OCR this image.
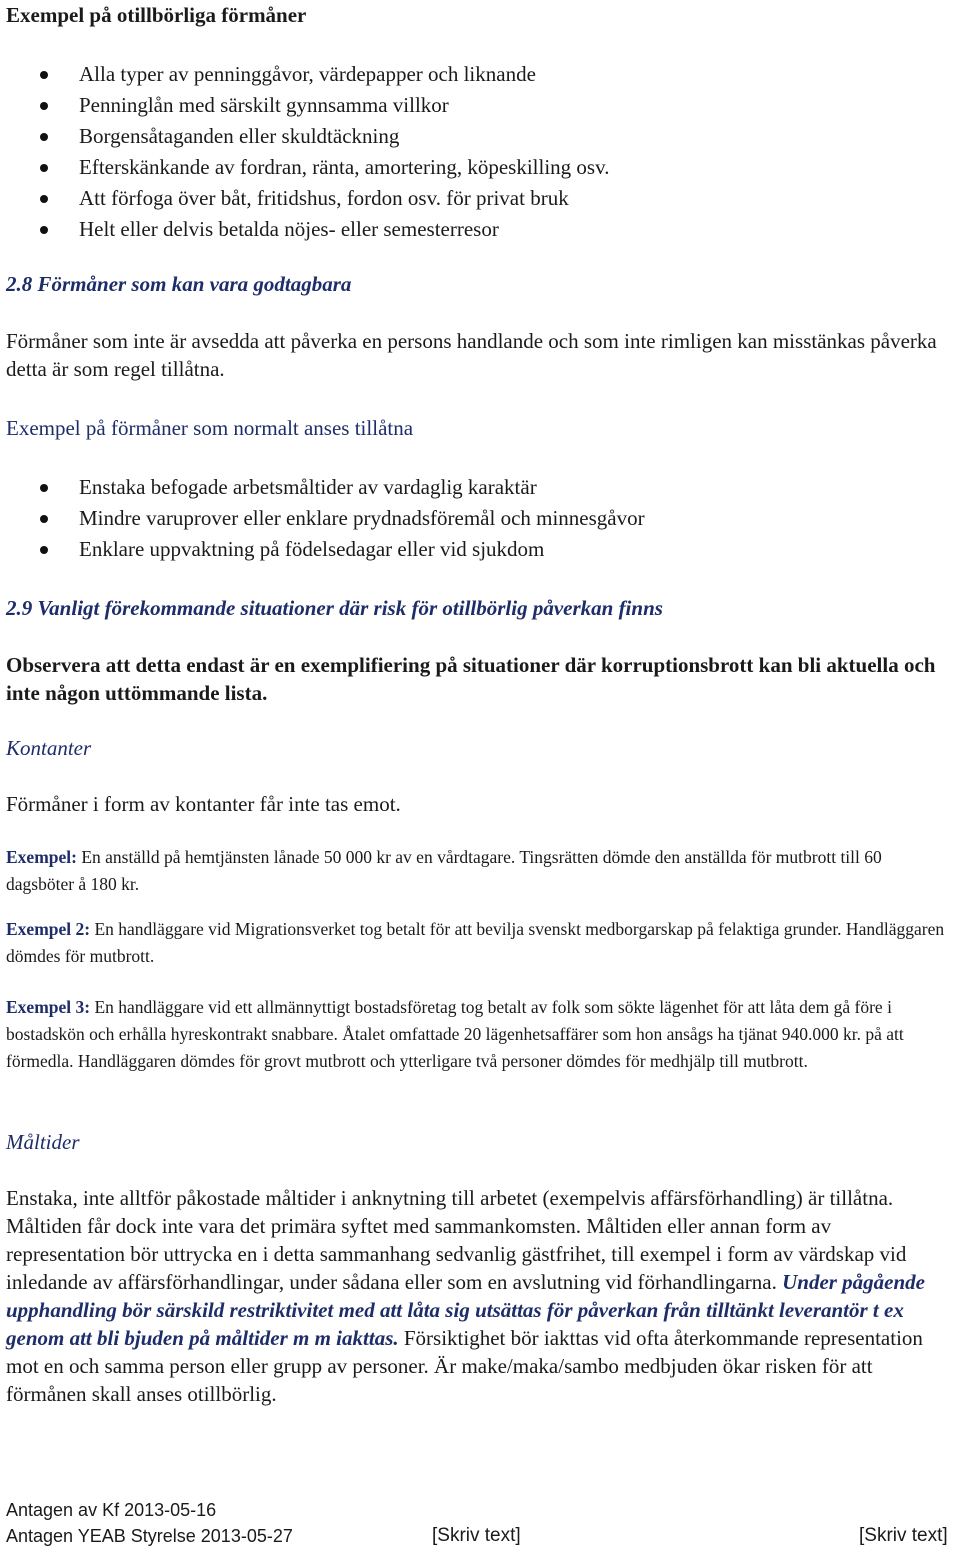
Exempel på otillbörliga förmåner
Alla typer av penninggåvor, värdepapper och liknande
Penninglån med särskilt gynnsamma villkor
Borgensåtaganden eller skuldtäckning
Efterskänkande av fordran, ränta, amortering, köpeskilling osv.
Att förfoga över båt, fritidshus, fordon osv. för privat bruk
Helt eller delvis betalda nöjes- eller semesterresor
2.8 Förmåner som kan vara godtagbara

Förmåner som inte är avsedda att påverka en persons handlande och som inte rimligen kan misstänkas påverka detta är som regel tillåtna.

Exempel på förmåner som normalt anses tillåtna
Enstaka befogade arbetsmåltider av vardaglig karaktär
Mindre varuprover eller enklare prydnadsföremål och minnesgåvor
Enklare uppvaktning på födelsedagar eller vid sjukdom
2.9 Vanligt förekommande situationer där risk för otillbörlig påverkan finns

Observera att detta endast är en exemplifiering på situationer där korruptionsbrott kan bli aktuella och inte någon uttömmande lista.

Kontanter

Förmåner i form av kontanter får inte tas emot.

Exempel: En anställd på hemtjänsten lånade 50 000 kr av en vårdtagare. Tingsrätten dömde den anställda för mutbrott till 60 dagsböter å 180 kr.

Exempel 2: En handläggare vid Migrationsverket tog betalt för att bevilja svenskt medborgarskap på felaktiga grunder. Handläggaren dömdes för mutbrott.

Exempel 3: En handläggare vid ett allmännyttigt bostadsföretag tog betalt av folk som sökte lägenhet för att låta dem gå före i bostadskön och erhålla hyreskontrakt snabbare. Åtalet omfattade 20 lägenhetsaffärer som hon ansågs ha tjänat 940.000 kr. på att förmedla. Handläggaren dömdes för grovt mutbrott och ytterligare två personer dömdes för medhjälp till mutbrott.

Måltider

Enstaka, inte alltför påkostade måltider i anknytning till arbetet (exempelvis affärsförhandling) är tillåtna. Måltiden får dock inte vara det primära syftet med sammankomsten. Måltiden eller annan form av representation bör uttrycka en i detta sammanhang sedvanlig gästfrihet, till exempel i form av värdskap vid inledande av affärsförhandlingar, under sådana eller som en avslutning vid förhandlingarna. Under pågående upphandling bör särskild restriktivitet med att låta sig utsättas för påverkan från tilltänkt leverantör t ex genom att bli bjuden på måltider m m iakttas. Försiktighet bör iakttas vid ofta återkommande representation mot en och samma person eller grupp av personer. Är make/maka/sambo medbjuden ökar risken för att förmånen skall anses otillbörlig.

Antagen av Kf 2013-05-16
Antagen YEAB Styrelse 2013-05-27	[Skriv text]	[Skriv text]
